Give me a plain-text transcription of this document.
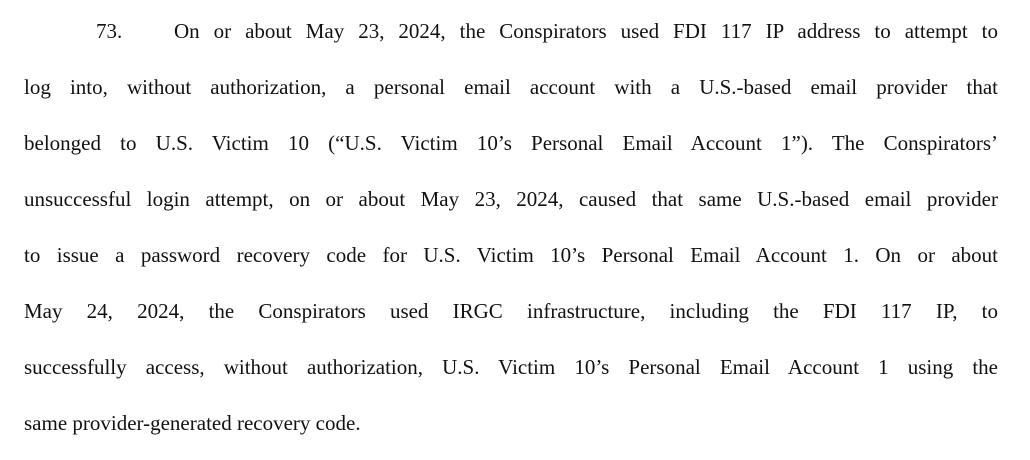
73. On or about May 23, 2024, the Conspirators used FDI 117 IP address to attempt to
log into, without authorization, a personal email account with a U.S.-based email provider that
belonged to U.S. Victim 10 (“U.S. Victim 10’s Personal Email Account 1”). The Conspirators’
unsuccessful login attempt, on or about May 23, 2024, caused that same U.S.-based email provider
to issue a password recovery code for U.S. Victim 10’s Personal Email Account 1. On or about
May 24, 2024, the Conspirators used IRGC infrastructure, including the FDI 117 IP, to
successfully access, without authorization, U.S. Victim 10’s Personal Email Account 1 using the
same provider-generated recovery code.
